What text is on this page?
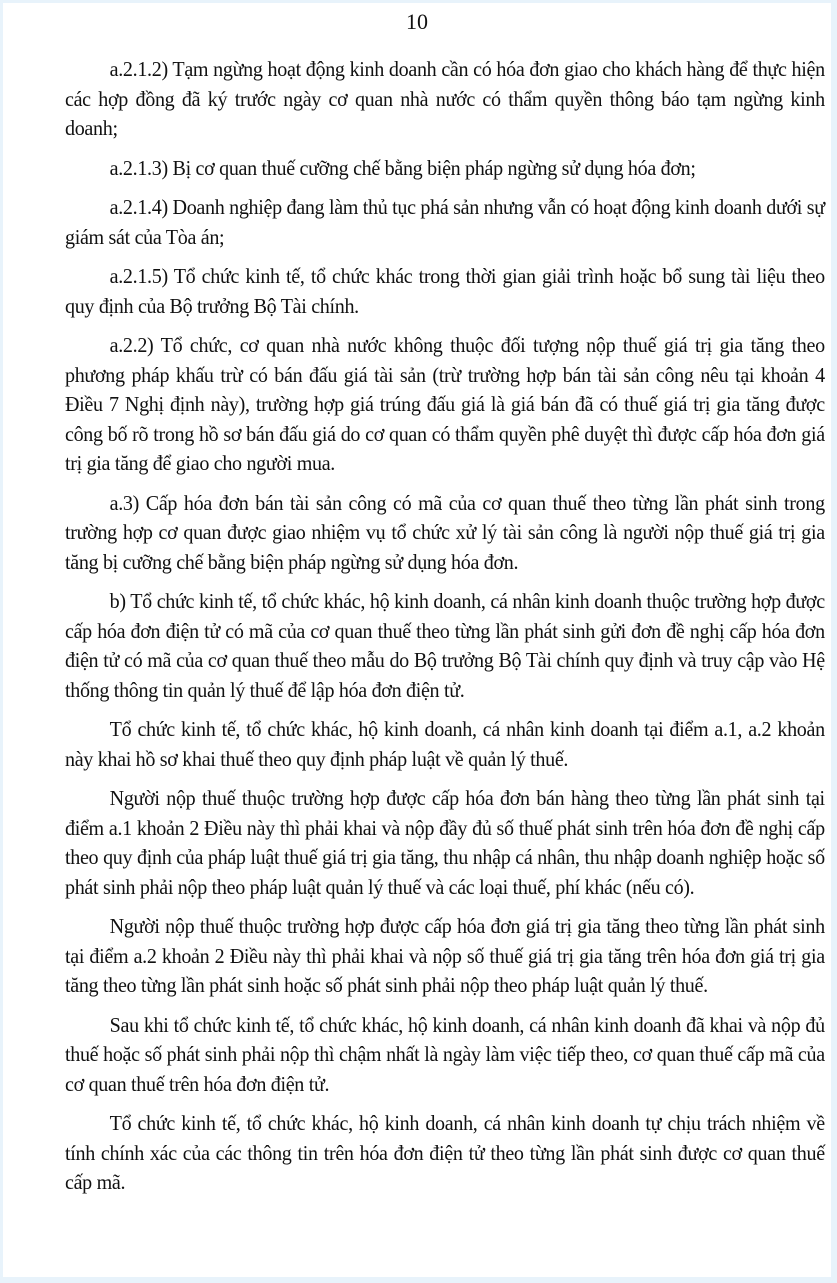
10

a.2.1.2) Tạm ngừng hoạt động kinh doanh cần có hóa đơn giao cho khách hàng để thực hiện các hợp đồng đã ký trước ngày cơ quan nhà nước có thẩm quyền thông báo tạm ngừng kinh doanh;

a.2.1.3) Bị cơ quan thuế cưỡng chế bằng biện pháp ngừng sử dụng hóa đơn;

a.2.1.4) Doanh nghiệp đang làm thủ tục phá sản nhưng vẫn có hoạt động kinh doanh dưới sự giám sát của Tòa án;

a.2.1.5) Tổ chức kinh tế, tổ chức khác trong thời gian giải trình hoặc bổ sung tài liệu theo quy định của Bộ trưởng Bộ Tài chính.

a.2.2) Tổ chức, cơ quan nhà nước không thuộc đối tượng nộp thuế giá trị gia tăng theo phương pháp khấu trừ có bán đấu giá tài sản (trừ trường hợp bán tài sản công nêu tại khoản 4 Điều 7 Nghị định này), trường hợp giá trúng đấu giá là giá bán đã có thuế giá trị gia tăng được công bố rõ trong hồ sơ bán đấu giá do cơ quan có thẩm quyền phê duyệt thì được cấp hóa đơn giá trị gia tăng để giao cho người mua.

a.3) Cấp hóa đơn bán tài sản công có mã của cơ quan thuế theo từng lần phát sinh trong trường hợp cơ quan được giao nhiệm vụ tổ chức xử lý tài sản công là người nộp thuế giá trị gia tăng bị cưỡng chế bằng biện pháp ngừng sử dụng hóa đơn.

b) Tổ chức kinh tế, tổ chức khác, hộ kinh doanh, cá nhân kinh doanh thuộc trường hợp được cấp hóa đơn điện tử có mã của cơ quan thuế theo từng lần phát sinh gửi đơn đề nghị cấp hóa đơn điện tử có mã của cơ quan thuế theo mẫu do Bộ trưởng Bộ Tài chính quy định và truy cập vào Hệ thống thông tin quản lý thuế để lập hóa đơn điện tử.

Tổ chức kinh tế, tổ chức khác, hộ kinh doanh, cá nhân kinh doanh tại điểm a.1, a.2 khoản này khai hồ sơ khai thuế theo quy định pháp luật về quản lý thuế.

Người nộp thuế thuộc trường hợp được cấp hóa đơn bán hàng theo từng lần phát sinh tại điểm a.1 khoản 2 Điều này thì phải khai và nộp đầy đủ số thuế phát sinh trên hóa đơn đề nghị cấp theo quy định của pháp luật thuế giá trị gia tăng, thu nhập cá nhân, thu nhập doanh nghiệp hoặc số phát sinh phải nộp theo pháp luật quản lý thuế và các loại thuế, phí khác (nếu có).

Người nộp thuế thuộc trường hợp được cấp hóa đơn giá trị gia tăng theo từng lần phát sinh tại điểm a.2 khoản 2 Điều này thì phải khai và nộp số thuế giá trị gia tăng trên hóa đơn giá trị gia tăng theo từng lần phát sinh hoặc số phát sinh phải nộp theo pháp luật quản lý thuế.

Sau khi tổ chức kinh tế, tổ chức khác, hộ kinh doanh, cá nhân kinh doanh đã khai và nộp đủ thuế hoặc số phát sinh phải nộp thì chậm nhất là ngày làm việc tiếp theo, cơ quan thuế cấp mã của cơ quan thuế trên hóa đơn điện tử.

Tổ chức kinh tế, tổ chức khác, hộ kinh doanh, cá nhân kinh doanh tự chịu trách nhiệm về tính chính xác của các thông tin trên hóa đơn điện tử theo từng lần phát sinh được cơ quan thuế cấp mã.
